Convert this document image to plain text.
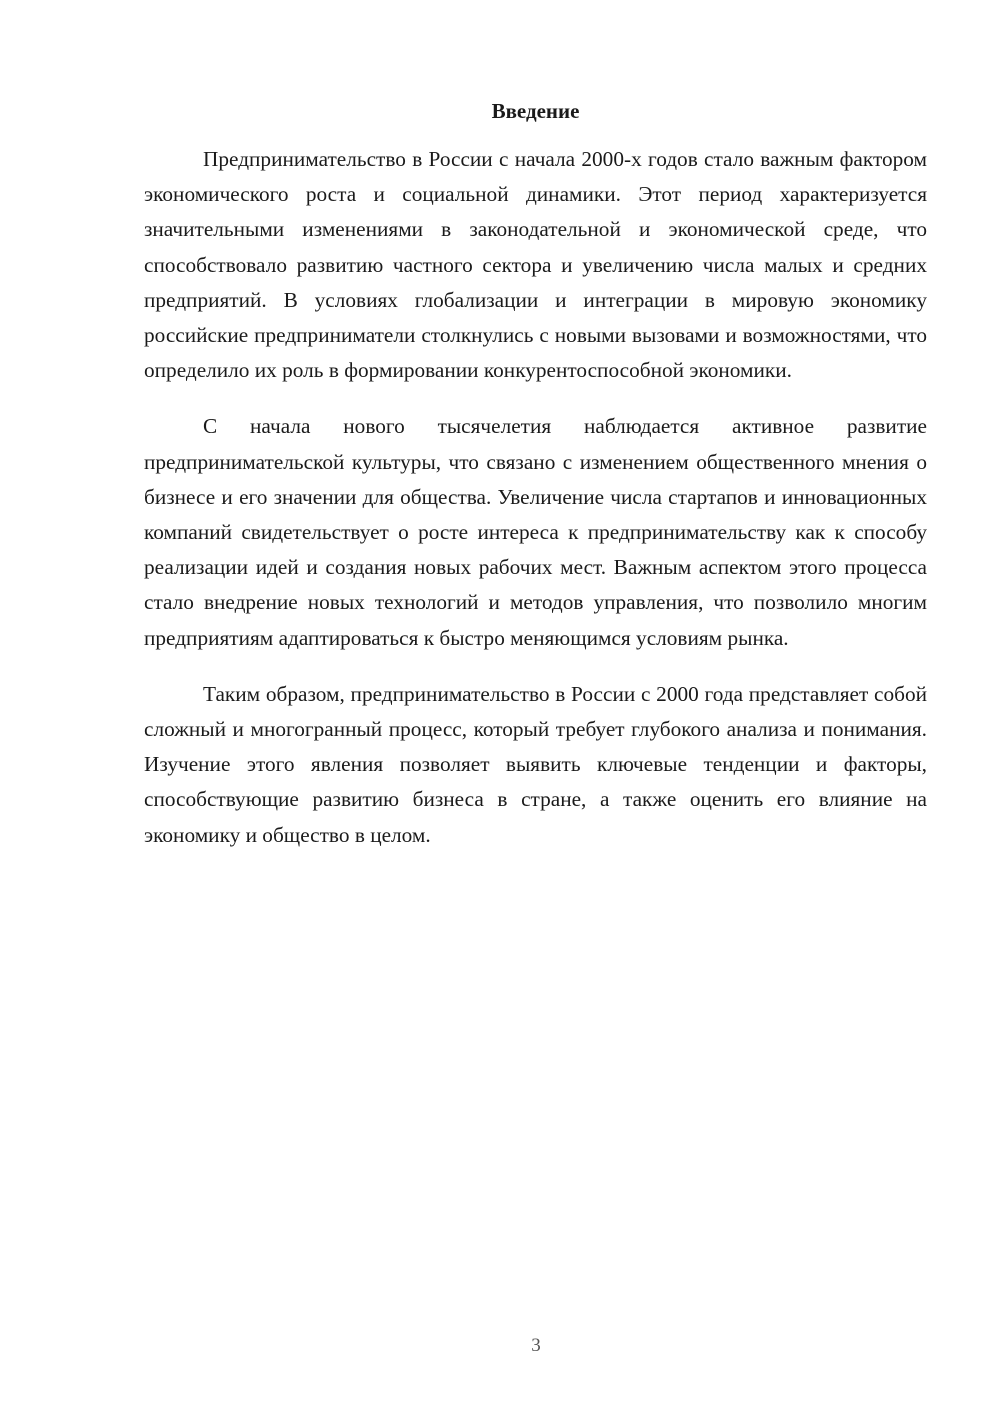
Введение

Предпринимательство в России с начала 2000-х годов стало важным фактором экономического роста и социальной динамики. Этот период характеризуется значительными изменениями в законодательной и экономической среде, что способствовало развитию частного сектора и увеличению числа малых и средних предприятий. В условиях глобализации и интеграции в мировую экономику российские предприниматели столкнулись с новыми вызовами и возможностями, что определило их роль в формировании конкурентоспособной экономики.

С начала нового тысячелетия наблюдается активное развитие предпринимательской культуры, что связано с изменением общественного мнения о бизнесе и его значении для общества. Увеличение числа стартапов и инновационных компаний свидетельствует о росте интереса к предпринимательству как к способу реализации идей и создания новых рабочих мест. Важным аспектом этого процесса стало внедрение новых технологий и методов управления, что позволило многим предприятиям адаптироваться к быстро меняющимся условиям рынка.

Таким образом, предпринимательство в России с 2000 года представляет собой сложный и многогранный процесс, который требует глубокого анализа и понимания. Изучение этого явления позволяет выявить ключевые тенденции и факторы, способствующие развитию бизнеса в стране, а также оценить его влияние на экономику и общество в целом.

3
